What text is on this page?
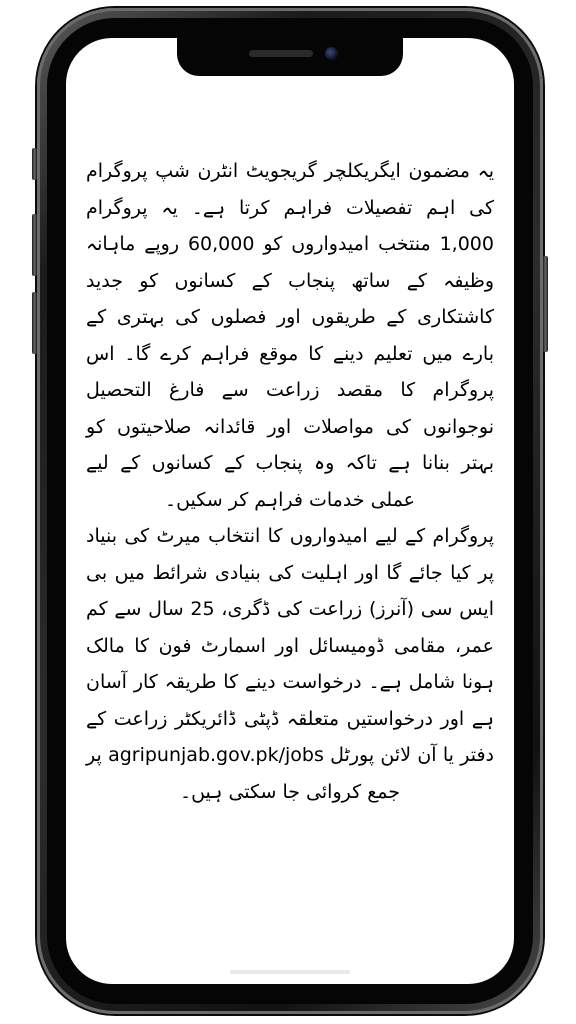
یہ مضمون ایگریکلچر گریجویٹ انٹرن شپ پروگرام کی اہم تفصیلات فراہم کرتا ہے۔ یہ پروگرام 1,000 منتخب امیدواروں کو 60,000 روپے ماہانہ وظیفہ کے ساتھ پنجاب کے کسانوں کو جدید کاشتکاری کے طریقوں اور فصلوں کی بہتری کے بارے میں تعلیم دینے کا موقع فراہم کرے گا۔ اس پروگرام کا مقصد زراعت سے فارغ التحصیل نوجوانوں کی مواصلات اور قائدانہ صلاحیتوں کو بہتر بنانا ہے تاکہ وہ پنجاب کے کسانوں کے لیے عملی خدمات فراہم کر سکیں۔

پروگرام کے لیے امیدواروں کا انتخاب میرٹ کی بنیاد پر کیا جائے گا اور اہلیت کی بنیادی شرائط میں بی ایس سی (آنرز) زراعت کی ڈگری، 25 سال سے کم عمر، مقامی ڈومیسائل اور اسمارٹ فون کا مالک ہونا شامل ہے۔ درخواست دینے کا طریقہ کار آسان ہے اور درخواستیں متعلقہ ڈپٹی ڈائریکٹر زراعت کے دفتر یا آن لائن پورٹل agripunjab.gov.pk/jobs پر جمع کروائی جا سکتی ہیں۔
